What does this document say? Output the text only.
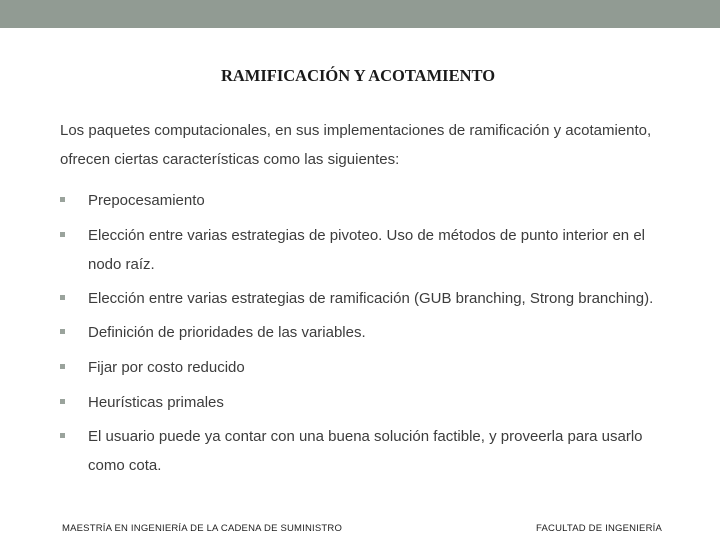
RAMIFICACIÓN Y ACOTAMIENTO

Los paquetes computacionales, en sus implementaciones de ramificación y acotamiento, ofrecen ciertas características como las siguientes:

Prepocesamiento
Elección entre varias estrategias de pivoteo. Uso de métodos de punto interior en el nodo raíz.
Elección entre varias estrategias de ramificación (GUB branching, Strong branching).
Definición de prioridades de las variables.
Fijar por costo reducido
Heurísticas primales
El usuario puede ya contar con una buena solución factible, y proveerla para usarlo como cota.
MAESTRÍA EN INGENIERÍA DE LA CADENA DE SUMINISTRO	FACULTAD DE INGENIERÍA
